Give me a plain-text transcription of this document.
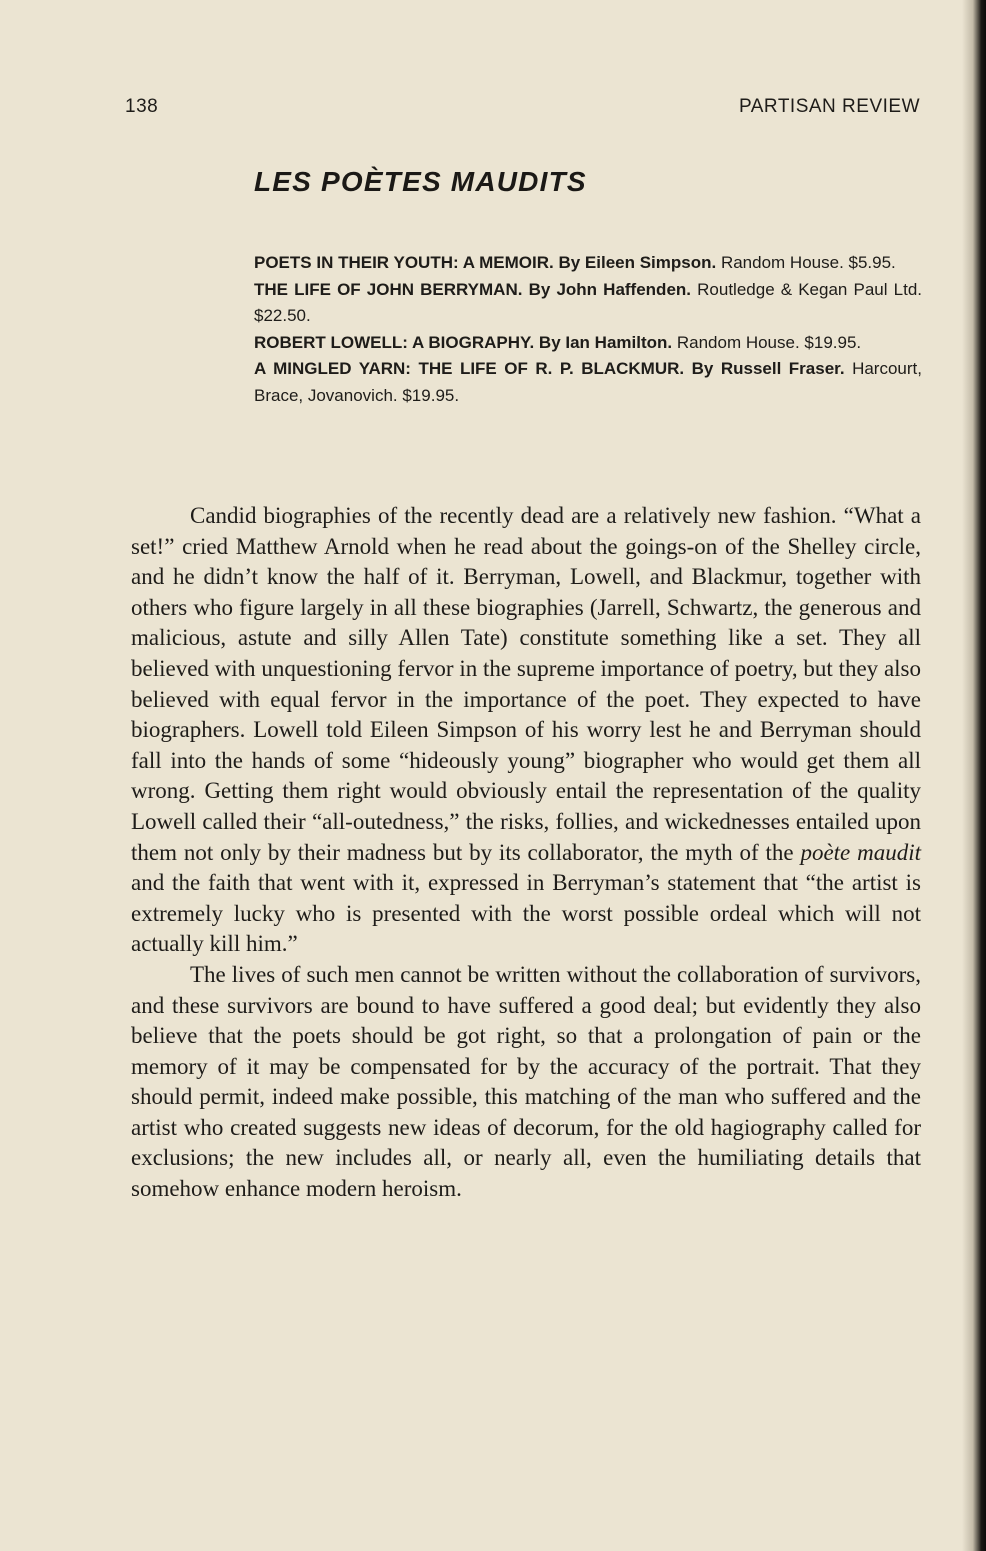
138	PARTISAN REVIEW
LES POÈTES MAUDITS
POETS IN THEIR YOUTH: A MEMOIR. By Eileen Simpson. Random House. $5.95.
THE LIFE OF JOHN BERRYMAN. By John Haffenden. Routledge & Kegan Paul Ltd. $22.50.
ROBERT LOWELL: A BIOGRAPHY. By Ian Hamilton. Random House. $19.95.
A MINGLED YARN: THE LIFE OF R. P. BLACKMUR. By Russell Fraser. Harcourt, Brace, Jovanovich. $19.95.

Candid biographies of the recently dead are a relatively new fashion. “What a set!” cried Matthew Arnold when he read about the goings-on of the Shelley circle, and he didn’t know the half of it. Berryman, Lowell, and Blackmur, together with others who figure largely in all these biographies (Jarrell, Schwartz, the generous and malicious, astute and silly Allen Tate) constitute something like a set. They all believed with unquestioning fervor in the supreme importance of poetry, but they also believed with equal fervor in the importance of the poet. They expected to have biographers. Lowell told Eileen Simpson of his worry lest he and Berryman should fall into the hands of some “hideously young” biographer who would get them all wrong. Getting them right would obviously entail the representation of the quality Lowell called their “all-outedness,” the risks, follies, and wickednesses entailed upon them not only by their madness but by its collaborator, the myth of the poète maudit and the faith that went with it, expressed in Berryman’s statement that “the artist is extremely lucky who is presented with the worst possible ordeal which will not actually kill him.”

The lives of such men cannot be written without the collaboration of survivors, and these survivors are bound to have suffered a good deal; but evidently they also believe that the poets should be got right, so that a prolongation of pain or the memory of it may be compensated for by the accuracy of the portrait. That they should permit, indeed make possible, this matching of the man who suffered and the artist who created suggests new ideas of decorum, for the old hagiography called for exclusions; the new includes all, or nearly all, even the humiliating details that somehow enhance modern heroism.
